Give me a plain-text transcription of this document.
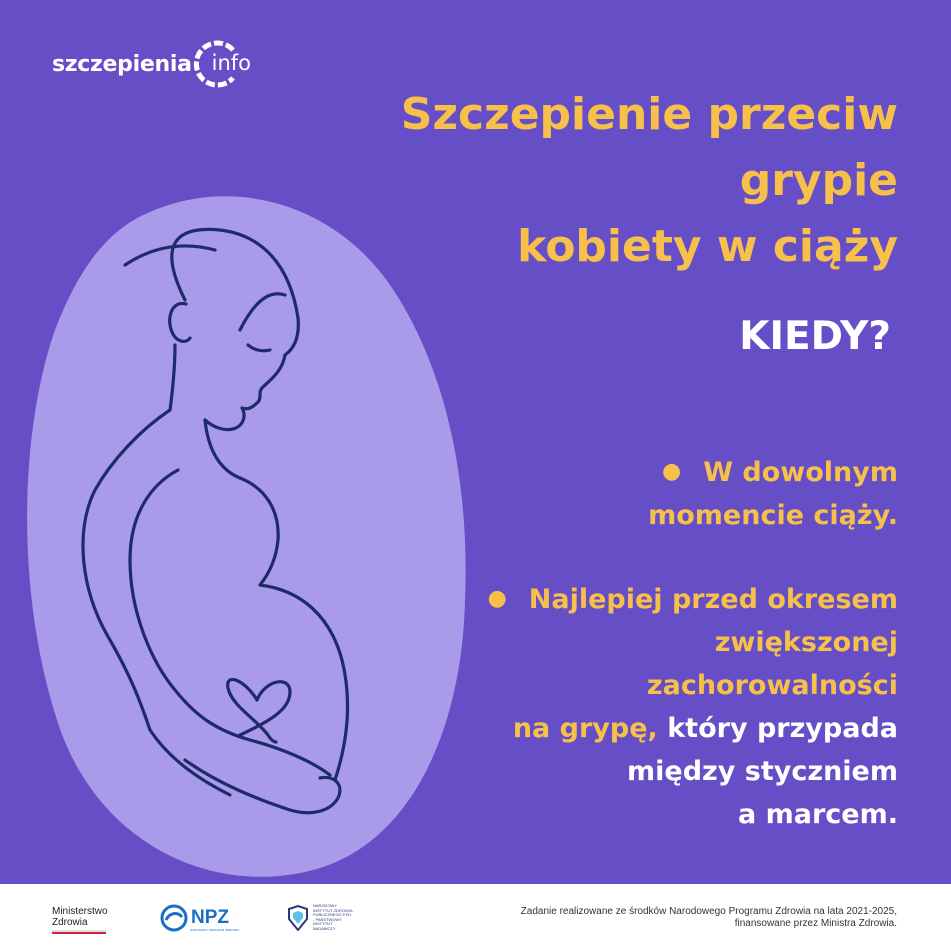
szczepienia info
Szczepienie przeciw
grypie
kobiety w ciąży
KIEDY?
● W dowolnym
momencie ciąży.
● Najlepiej przed okresem
zwiększonej
zachorowalności
na grypę, który przypada
między styczniem
a marcem.
Ministerstwo
Zdrowia	NPZ
NARODOWY PROGRAM ZDROWIA
NARODOWY INSTYTUT ZDROWIA PUBLICZNEGO PZH - PAŃSTWOWY INSTYTUT BADAWCZY
Zadanie realizowane ze środków Narodowego Programu Zdrowia na lata 2021-2025,
finansowane przez Ministra Zdrowia.
